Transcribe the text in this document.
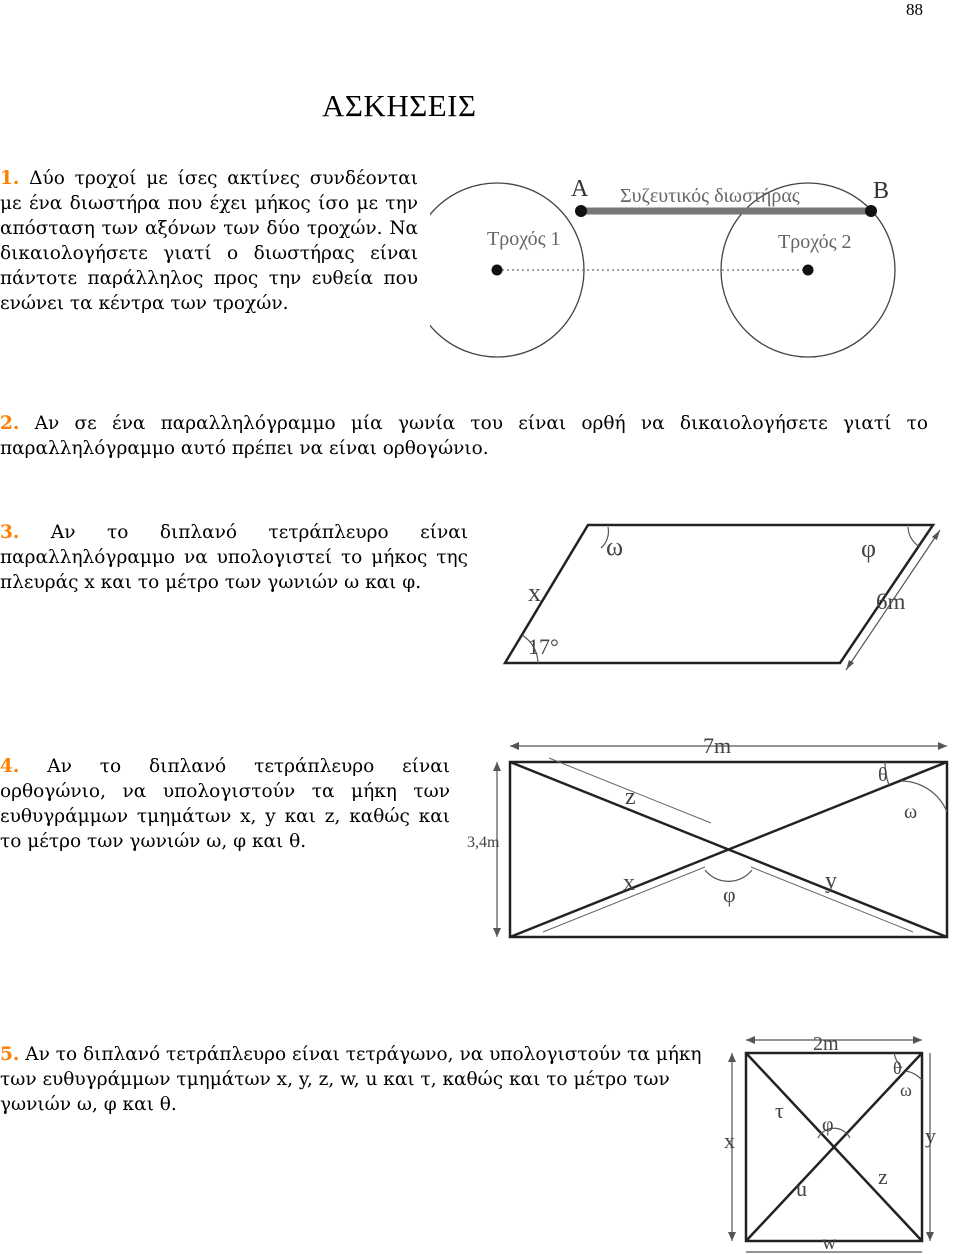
88
ΑΣΚΗΣΕΙΣ
1. Δύο τροχοί με ίσες ακτίνες συνδέονται με ένα διωστήρα που έχει μήκος ίσο με την απόσταση των αξόνων των δύο τροχών. Να δικαιολογήσετε γιατί ο διωστήρας είναι πάντοτε παράλληλος προς την ευθεία που ενώνει τα κέντρα των τροχών.
A	B
Συζευτικός διωστήρας
Τροχός 1	Τροχός 2
2. Αν σε ένα παραλληλόγραμμο μία γωνία του είναι ορθή να δικαιολογήσετε γιατί το παραλληλόγραμμο αυτό πρέπει να είναι ορθογώνιο.
3. Αν το διπλανό τετράπλευρο είναι παραλληλόγραμμο να υπολογιστεί το μήκος της πλευράς x και το μέτρο των γωνιών ω και φ.
ω	φ
x	6m
17°
4. Αν το διπλανό τετράπλευρο είναι ορθογώνιο, να υπολογιστούν τα μήκη των ευθυγράμμων τμημάτων x, y και z, καθώς και το μέτρο των γωνιών ω, φ και θ.
7m
3,4m
θ
ω
z
x	y
φ
5. Αν το διπλανό τετράπλευρο είναι τετράγωνο, να υπολογιστούν τα μήκη των ευθυγράμμων τμημάτων x, y, z, w, u και τ, καθώς και το μέτρο των γωνιών ω, φ και θ.
2m
θ
ω
τ
φ
x	y
z
u
w
